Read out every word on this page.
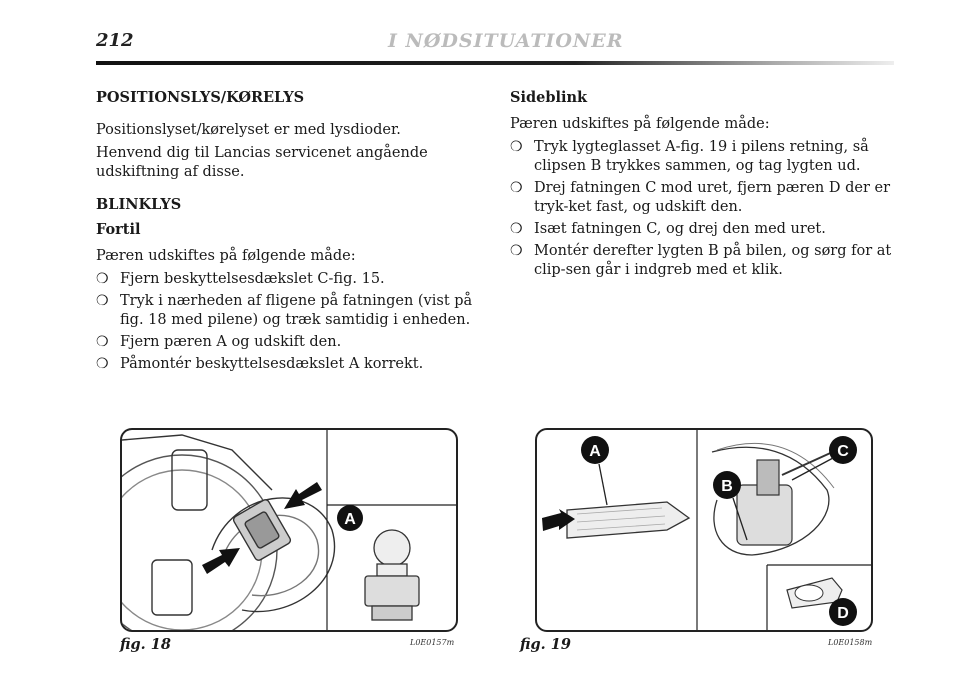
212	I NØDSITUATIONER
POSITIONSLYS/KØRELYS

Positionslyset/kørelyset er med lysdioder.

Henvend dig til Lancias servicenet angående udskiftning af disse.

BLINKLYS
Fortil

Pæren udskiftes på følgende måde:

❍ Fjern beskyttelsesdækslet C-fig. 15.
❍ Tryk i nærheden af fligene på fatningen (vist på fig. 18 med pilene) og træk samtidig i enheden.
❍ Fjern pæren A og udskift den.
❍ Påmontér beskyttelsesdækslet A korrekt.
Sideblink

Pæren udskiftes på følgende måde:

❍ Tryk lygteglasset A-fig. 19 i pilens retning, så clipsen B trykkes sammen, og tag lygten ud.
❍ Drej fatningen C mod uret, fjern pæren D der er tryk-ket fast, og udskift den.
❍ Isæt fatningen C, og drej den med uret.
❍ Montér derefter lygten B på bilen, og sørg for at clip-sen går i indgreb med et klik.
A
fig. 18	L0E0157m
A	C
B
D
fig. 19	L0E0158m
